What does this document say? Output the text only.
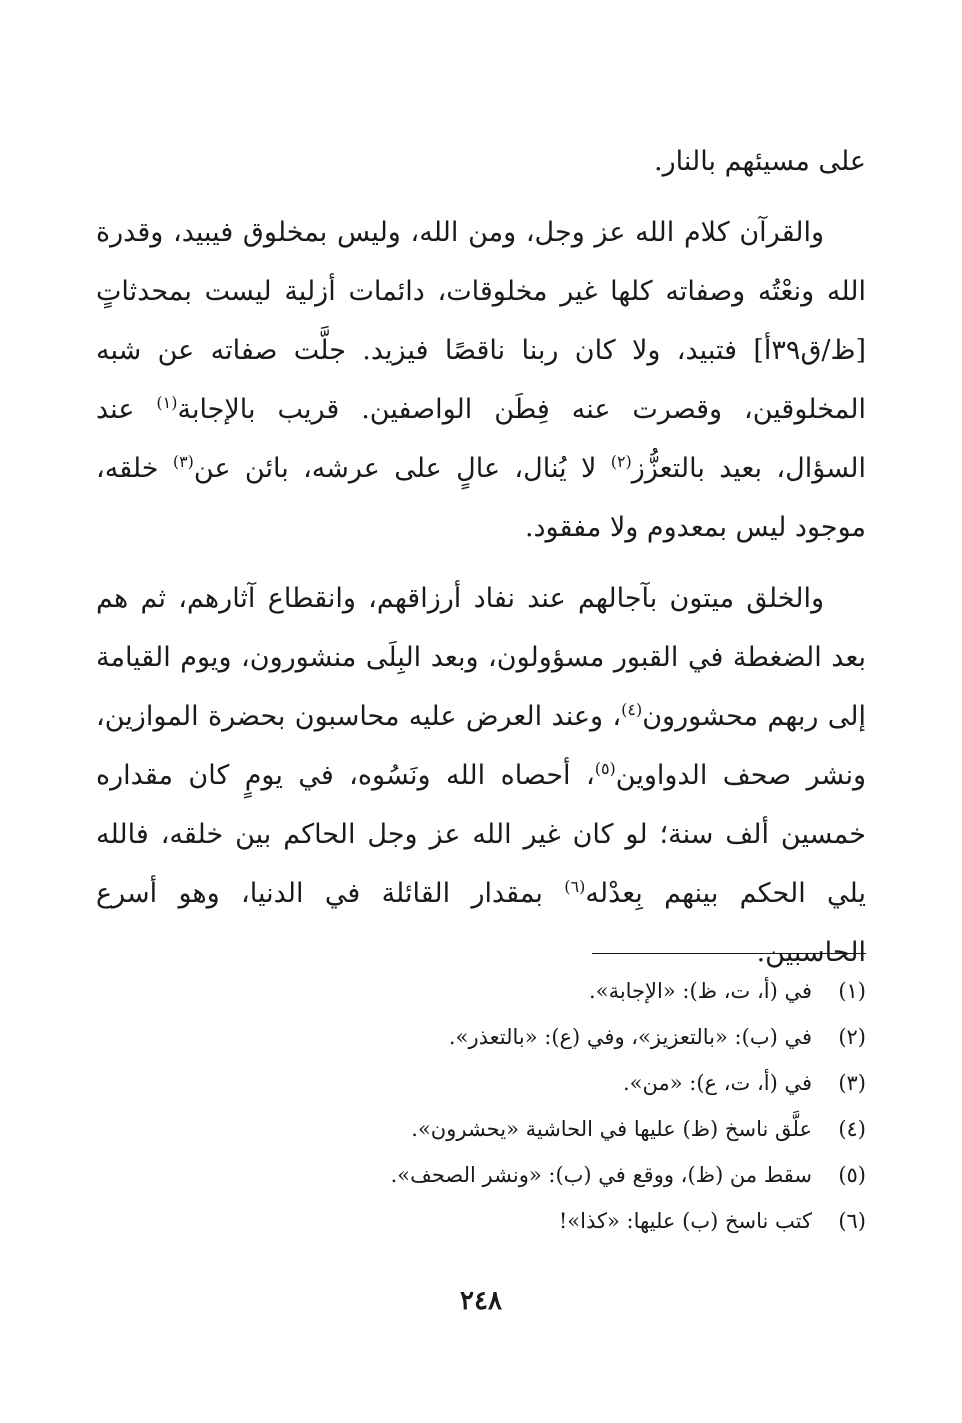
على مسيئهم بالنار.

والقرآن كلام الله عز وجل، ومن الله، وليس بمخلوق فيبيد، وقدرة الله ونعْتُه وصفاته كلها غير مخلوقات، دائمات أزلية ليست بمحدثاتٍ [ظ/ق٣٩أ] فتبيد، ولا كان ربنا ناقصًا فيزيد. جلَّت صفاته عن شبه المخلوقين، وقصرت عنه فِطَن الواصفين. قريب بالإجابة$^{(١)}$ عند السؤال، بعيد بالتعزُّز$^{(٢)}$ لا يُنال، عالٍ على عرشه، بائن عن$^{(٣)}$ خلقه، موجود ليس بمعدوم ولا مفقود.

والخلق ميتون بآجالهم عند نفاد أرزاقهم، وانقطاع آثارهم، ثم هم بعد الضغطة في القبور مسؤولون، وبعد البِلَى منشورون، ويوم القيامة إلى ربهم محشورون$^{(٤)}$، وعند العرض عليه محاسبون بحضرة الموازين، ونشر صحف الدواوين$^{(٥)}$، أحصاه الله ونَسُوه، في يومٍ كان مقداره خمسين ألف سنة؛ لو كان غير الله عز وجل الحاكم بين خلقه، فالله يلي الحكم بينهم بِعدْله$^{(٦)}$ بمقدار القائلة في الدنيا، وهو أسرع الحاسبين.

(١)
في (أ، ت، ظ): «الإجابة».
(٢)
في (ب): «بالتعزيز»، وفي (ع): «بالتعذر».
(٣)
في (أ، ت، ع): «من».
(٤)
علَّق ناسخ (ظ) عليها في الحاشية «يحشرون».
(٥)
سقط من (ظ)، ووقع في (ب): «ونشر الصحف».
(٦)
كتب ناسخ (ب) عليها: «كذا»!
٢٤٨
